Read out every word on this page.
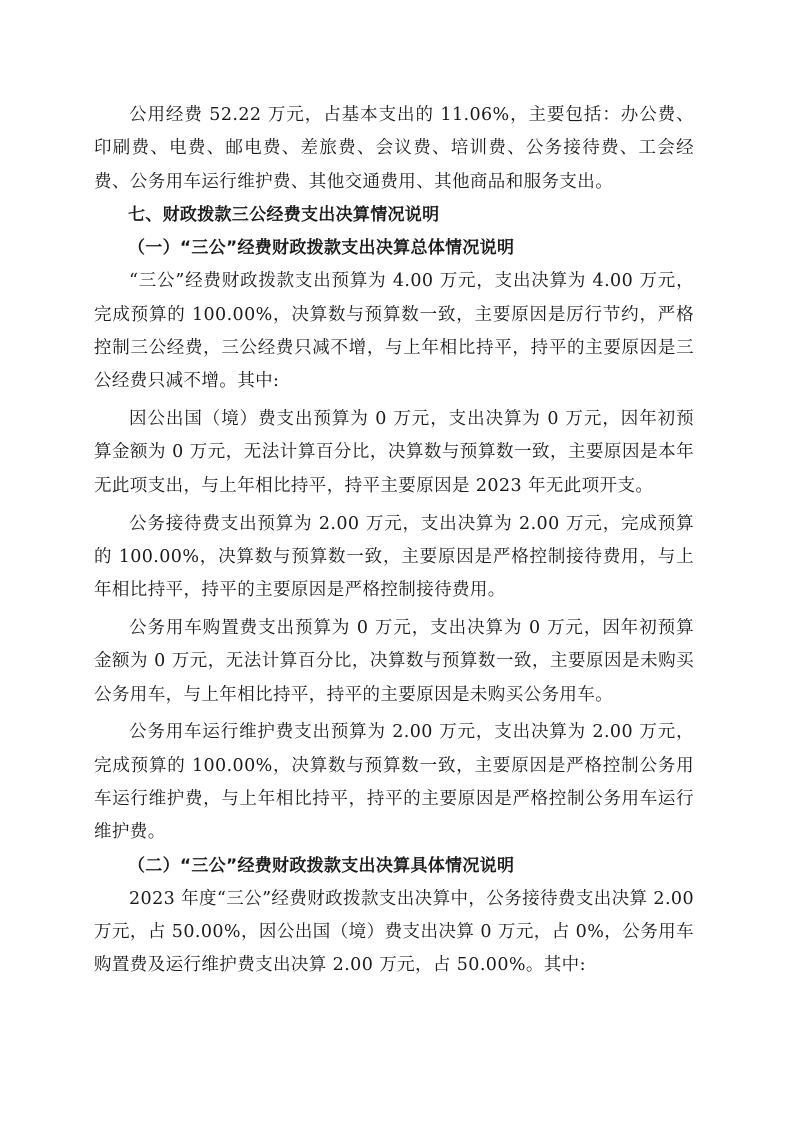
公用经费 52.22 万元，占基本支出的 11.06%，主要包括：办公费、印刷费、电费、邮电费、差旅费、会议费、培训费、公务接待费、工会经费、公务用车运行维护费、其他交通费用、其他商品和服务支出。

七、财政拨款三公经费支出决算情况说明
（一）“三公”经费财政拨款支出决算总体情况说明

“三公”经费财政拨款支出预算为 4.00 万元，支出决算为 4.00 万元，完成预算的 100.00%，决算数与预算数一致，主要原因是厉行节约，严格控制三公经费，三公经费只减不增，与上年相比持平，持平的主要原因是三公经费只减不增。其中:

因公出国（境）费支出预算为 0 万元，支出决算为 0 万元，因年初预算金额为 0 万元，无法计算百分比，决算数与预算数一致，主要原因是本年无此项支出，与上年相比持平，持平主要原因是 2023 年无此项开支。

公务接待费支出预算为 2.00 万元，支出决算为 2.00 万元，完成预算的 100.00%，决算数与预算数一致，主要原因是严格控制接待费用，与上年相比持平，持平的主要原因是严格控制接待费用。

公务用车购置费支出预算为 0 万元，支出决算为 0 万元，因年初预算金额为 0 万元，无法计算百分比，决算数与预算数一致，主要原因是未购买公务用车，与上年相比持平，持平的主要原因是未购买公务用车。

公务用车运行维护费支出预算为 2.00 万元，支出决算为 2.00 万元，完成预算的 100.00%，决算数与预算数一致，主要原因是严格控制公务用车运行维护费，与上年相比持平，持平的主要原因是严格控制公务用车运行维护费。

（二）“三公”经费财政拨款支出决算具体情况说明

2023 年度“三公”经费财政拨款支出决算中，公务接待费支出决算 2.00 万元，占 50.00%，因公出国（境）费支出决算 0 万元，占 0%，公务用车购置费及运行维护费支出决算 2.00 万元，占 50.00%。其中:
